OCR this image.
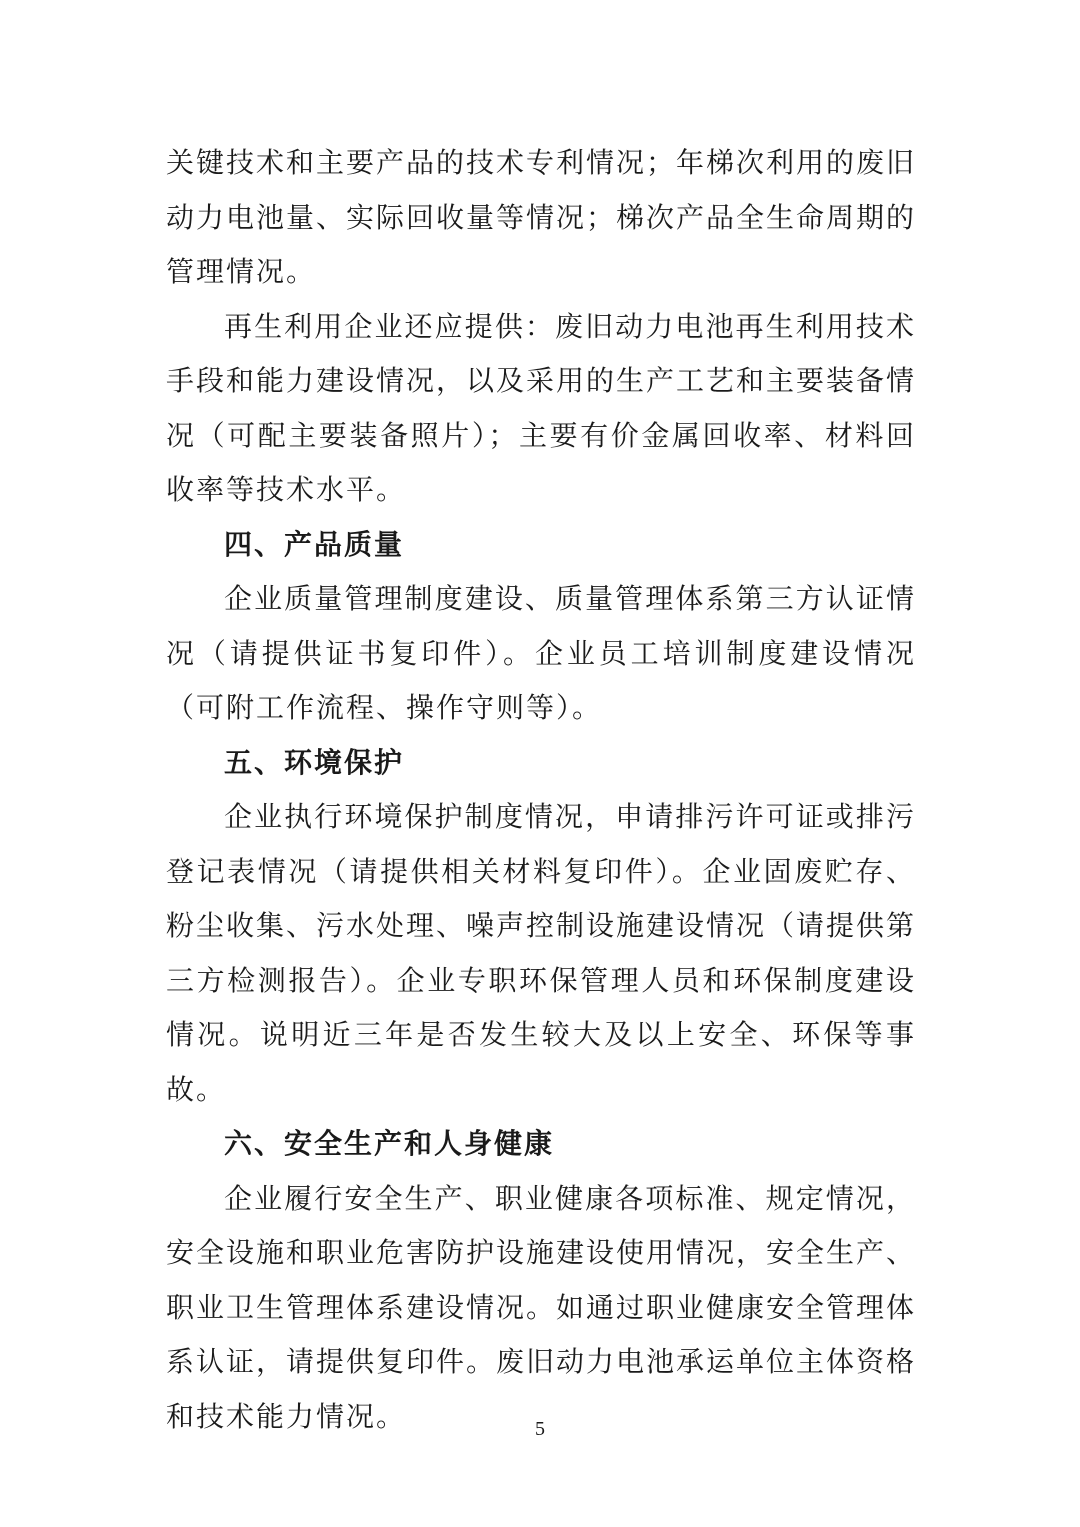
关键技术和主要产品的技术专利情况；年梯次利用的废旧动力电池量、实际回收量等情况；梯次产品全生命周期的管理情况。

再生利用企业还应提供：废旧动力电池再生利用技术手段和能力建设情况，以及采用的生产工艺和主要装备情况（可配主要装备照片）；主要有价金属回收率、材料回收率等技术水平。

四、产品质量

企业质量管理制度建设、质量管理体系第三方认证情况（请提供证书复印件）。企业员工培训制度建设情况（可附工作流程、操作守则等）。

五、环境保护

企业执行环境保护制度情况，申请排污许可证或排污登记表情况（请提供相关材料复印件）。企业固废贮存、粉尘收集、污水处理、噪声控制设施建设情况（请提供第三方检测报告）。企业专职环保管理人员和环保制度建设情况。说明近三年是否发生较大及以上安全、环保等事故。

六、安全生产和人身健康

企业履行安全生产、职业健康各项标准、规定情况，安全设施和职业危害防护设施建设使用情况，安全生产、职业卫生管理体系建设情况。如通过职业健康安全管理体系认证，请提供复印件。废旧动力电池承运单位主体资格和技术能力情况。	5
